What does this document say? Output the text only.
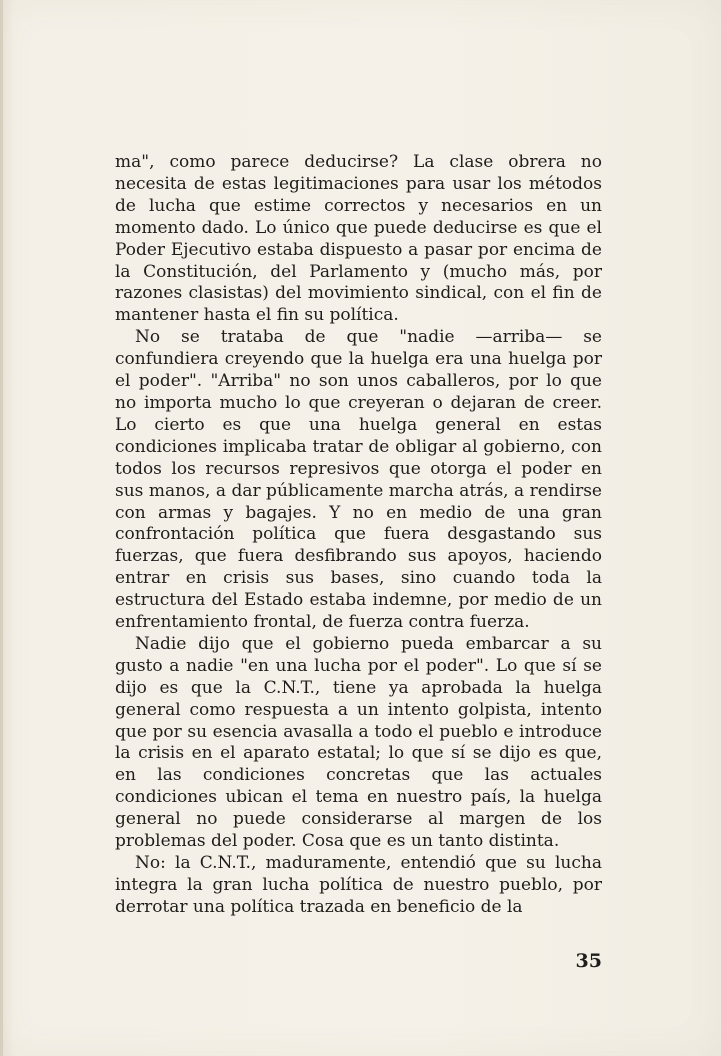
ma", como parece deducirse? La clase obrera no necesita de estas legitimaciones para usar los métodos de lucha que estime correctos y necesarios en un momento dado. Lo único que puede deducirse es que el Poder Ejecutivo estaba dispuesto a pasar por encima de la Constitución, del Parlamento y (mucho más, por razones clasistas) del movimiento sindical, con el fin de mantener hasta el fin su política.

No se trataba de que "nadie —arriba— se confundiera creyendo que la huelga era una huelga por el poder". "Arriba" no son unos caballeros, por lo que no importa mucho lo que creyeran o dejaran de creer. Lo cierto es que una huelga general en estas condiciones implicaba tratar de obligar al gobierno, con todos los recursos represivos que otorga el poder en sus manos, a dar públicamente marcha atrás, a rendirse con armas y bagajes. Y no en medio de una gran confrontación política que fuera desgastando sus fuerzas, que fuera desfibrando sus apoyos, haciendo entrar en crisis sus bases, sino cuando toda la estructura del Estado estaba indemne, por medio de un enfrentamiento frontal, de fuerza contra fuerza.

Nadie dijo que el gobierno pueda embarcar a su gusto a nadie "en una lucha por el poder". Lo que sí se dijo es que la C.N.T., tiene ya aprobada la huelga general como respuesta a un intento golpista, intento que por su esencia avasalla a todo el pueblo e introduce la crisis en el aparato estatal; lo que sí se dijo es que, en las condiciones concretas que las actuales condiciones ubican el tema en nuestro país, la huelga general no puede considerarse al margen de los problemas del poder. Cosa que es un tanto distinta.

No: la C.N.T., maduramente, entendió que su lucha integra la gran lucha política de nuestro pueblo, por derrotar una política trazada en beneficio de la

35
